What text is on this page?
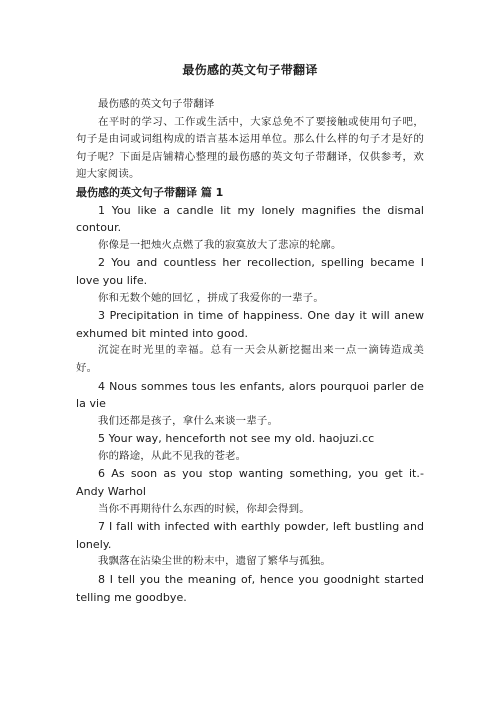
最伤感的英文句子带翻译

最伤感的英文句子带翻译

在平时的学习、工作或生活中，大家总免不了要接触或使用句子吧，句子是由词或词组构成的语言基本运用单位。那么什么样的句子才是好的句子呢？下面是店铺精心整理的最伤感的英文句子带翻译，仅供参考，欢迎大家阅读。

最伤感的英文句子带翻译 篇 1

1 You like a candle lit my lonely magnifies the dismal contour.

你像是一把烛火点燃了我的寂寞放大了悲凉的轮廓。

2 You and countless her recollection, spelling became I love you life.

你和无数个她的回忆 ，拼成了我爱你的一辈子。

3 Precipitation in time of happiness. One day it will anew exhumed bit minted into good.

沉淀在时光里的幸福。总有一天会从新挖掘出来一点一滴铸造成美好。

4 Nous sommes tous les enfants, alors pourquoi parler de la vie

我们还都是孩子，拿什么来谈一辈子。

5 Your way, henceforth not see my old. haojuzi.cc

你的路途，从此不见我的苍老。

6 As soon as you stop wanting something, you get it.-Andy Warhol

当你不再期待什么东西的时候，你却会得到。

7 I fall with infected with earthly powder, left bustling and lonely.

我飘落在沾染尘世的粉末中，遗留了繁华与孤独。

8 I tell you the meaning of, hence you goodnight started telling me goodbye.
